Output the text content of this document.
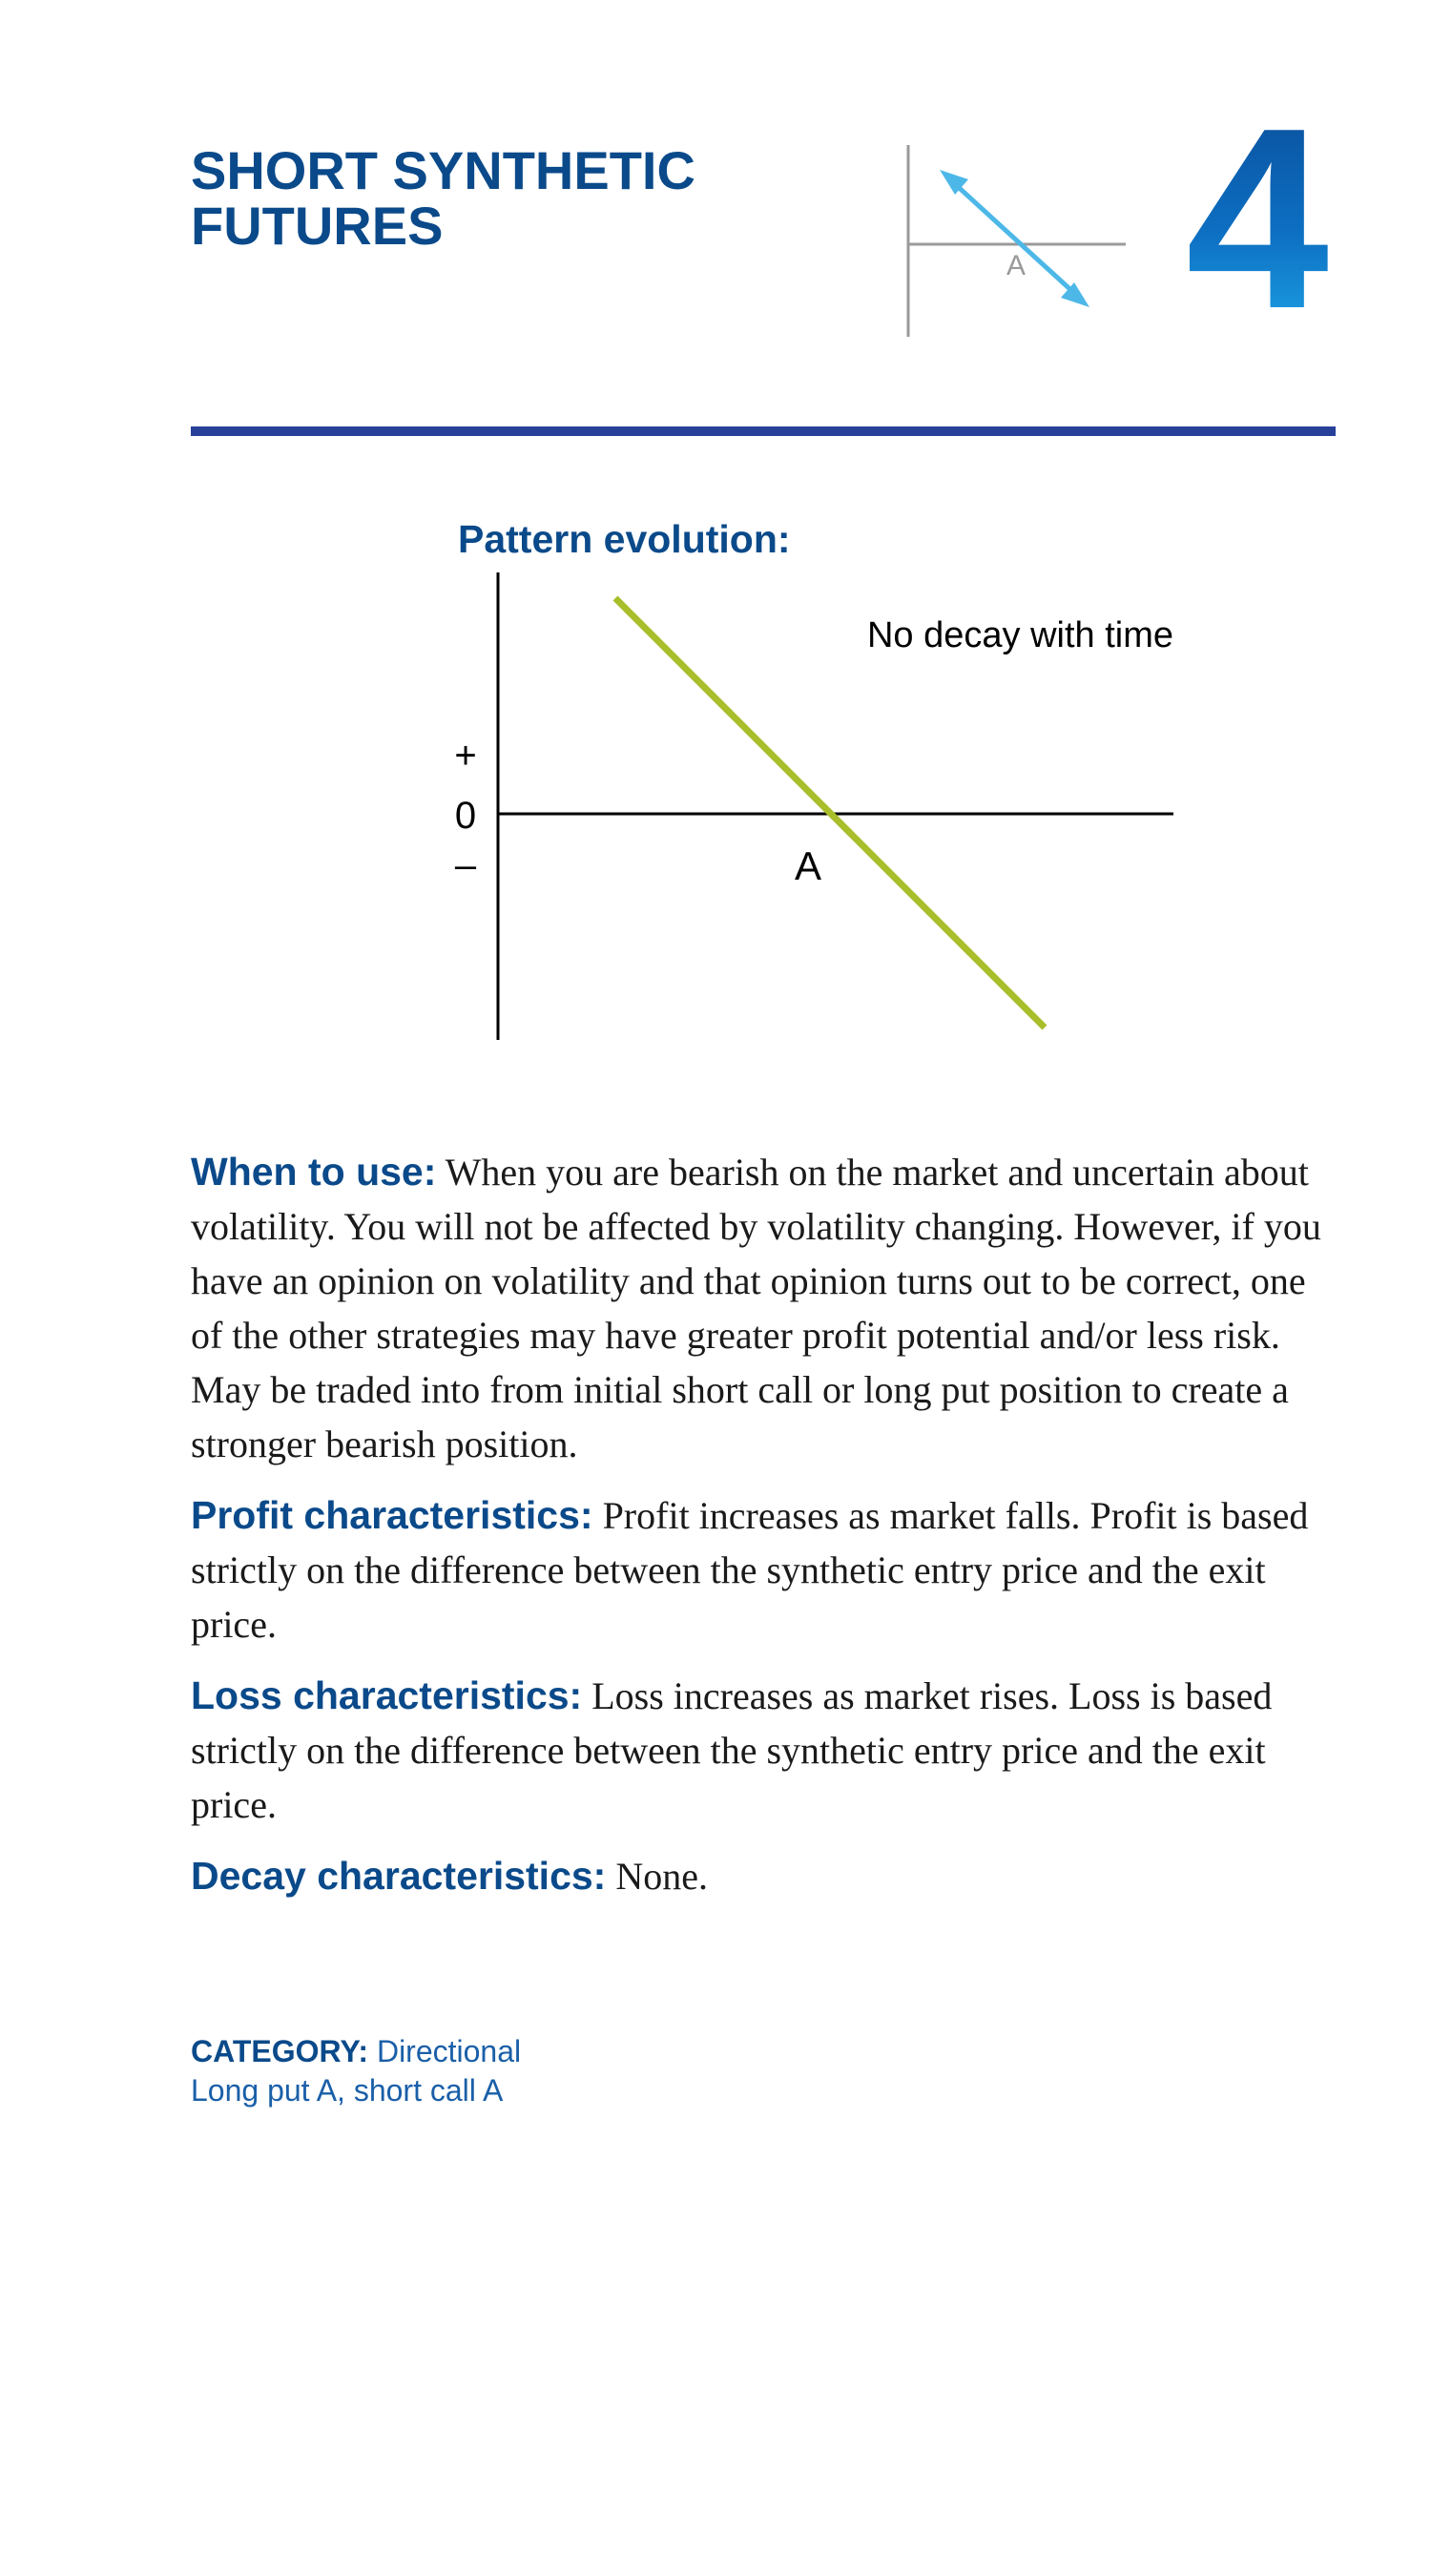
SHORT SYNTHETIC
FUTURES
A 4
Pattern evolution:
+
0
–	A
No decay with time

When to use: When you are bearish on the market and uncertain about volatility. You will not be affected by volatility changing. However, if you have an opinion on volatility and that opinion turns out to be correct, one of the other strategies may have greater profit potential and/or less risk. May be traded into from initial short call or long put position to create a stronger bearish position.

Profit characteristics: Profit increases as market falls. Profit is based strictly on the difference between the synthetic entry price and the exit price.

Loss characteristics: Loss increases as market rises. Loss is based strictly on the difference between the synthetic entry price and the exit price.

Decay characteristics: None.

CATEGORY: Directional
Long put A, short call A
